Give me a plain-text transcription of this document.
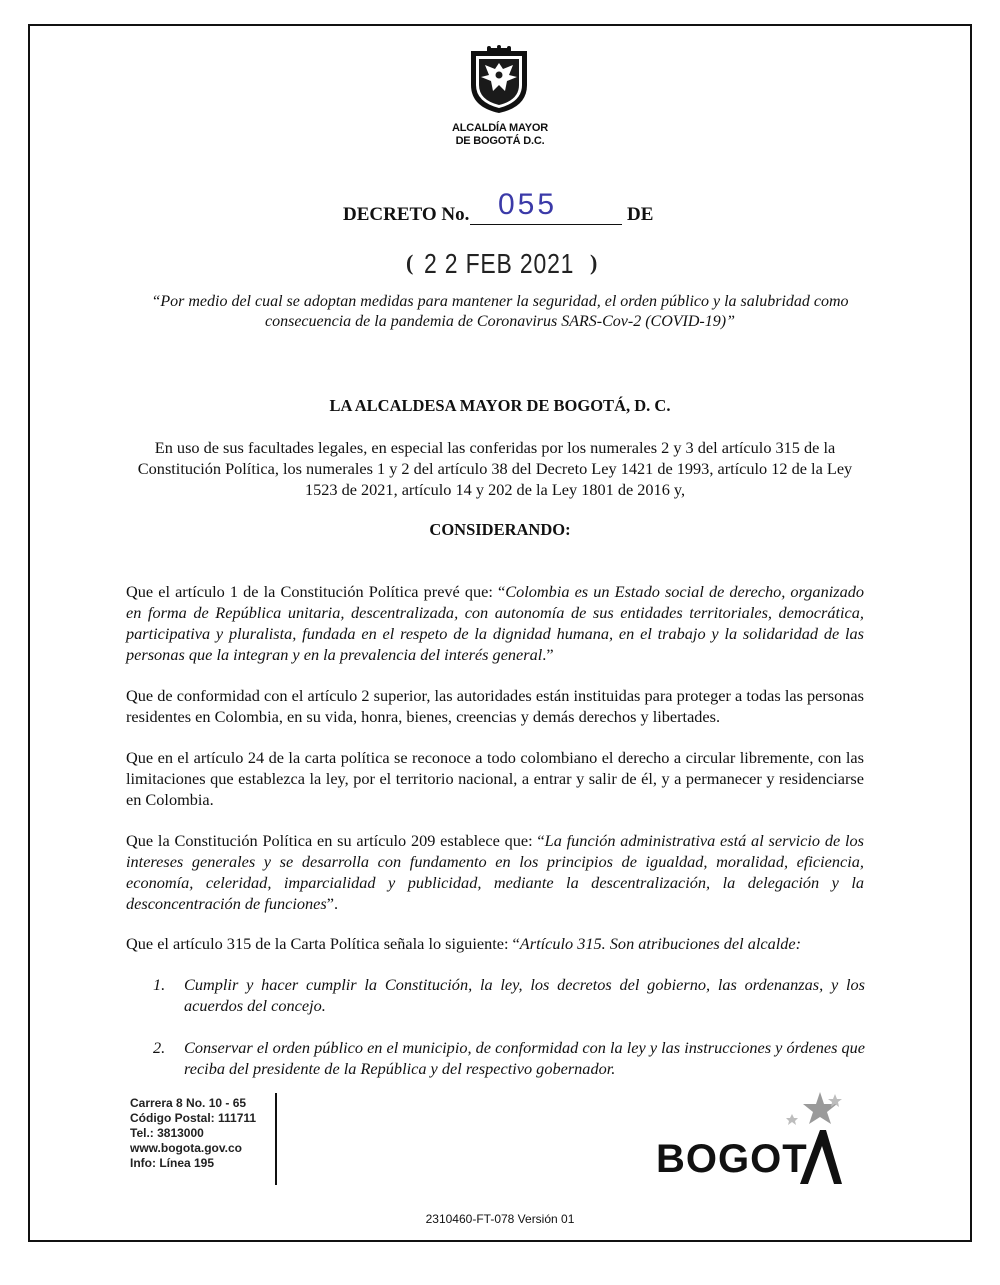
ALCALDÍA MAYOR
DE BOGOTÁ D.C.
DECRETO No. 055	DE
( 2 2 FEB 2021 )
“Por medio del cual se adoptan medidas para mantener la seguridad, el orden público y la salubridad como consecuencia de la pandemia de Coronavirus SARS-Cov-2 (COVID-19)”
LA ALCALDESA MAYOR DE BOGOTÁ, D. C.
En uso de sus facultades legales, en especial las conferidas por los numerales 2 y 3 del artículo 315 de la Constitución Política, los numerales 1 y 2 del artículo 38 del Decreto Ley 1421 de 1993, artículo 12 de la Ley 1523 de 2021, artículo 14 y 202 de la Ley 1801 de 2016 y,
CONSIDERANDO:
Que el artículo 1 de la Constitución Política prevé que: “Colombia es un Estado social de derecho, organizado en forma de República unitaria, descentralizada, con autonomía de sus entidades territoriales, democrática, participativa y pluralista, fundada en el respeto de la dignidad humana, en el trabajo y la solidaridad de las personas que la integran y en la prevalencia del interés general.”
Que de conformidad con el artículo 2 superior, las autoridades están instituidas para proteger a todas las personas residentes en Colombia, en su vida, honra, bienes, creencias y demás derechos y libertades.
Que en el artículo 24 de la carta política se reconoce a todo colombiano el derecho a circular libremente, con las limitaciones que establezca la ley, por el territorio nacional, a entrar y salir de él, y a permanecer y residenciarse en Colombia.
Que la Constitución Política en su artículo 209 establece que: “La función administrativa está al servicio de los intereses generales y se desarrolla con fundamento en los principios de igualdad, moralidad, eficiencia, economía, celeridad, imparcialidad y publicidad, mediante la descentralización, la delegación y la desconcentración de funciones”.
Que el artículo 315 de la Carta Política señala lo siguiente: “Artículo 315. Son atribuciones del alcalde:
1. Cumplir y hacer cumplir la Constitución, la ley, los decretos del gobierno, las ordenanzas, y los acuerdos del concejo.
2. Conservar el orden público en el municipio, de conformidad con la ley y las instrucciones y órdenes que reciba del presidente de la República y del respectivo gobernador.
Carrera 8 No. 10 - 65
Código Postal: 111711
Tel.: 3813000
www.bogota.gov.co
Info: Línea 195	BOGOT
2310460-FT-078 Versión 01
